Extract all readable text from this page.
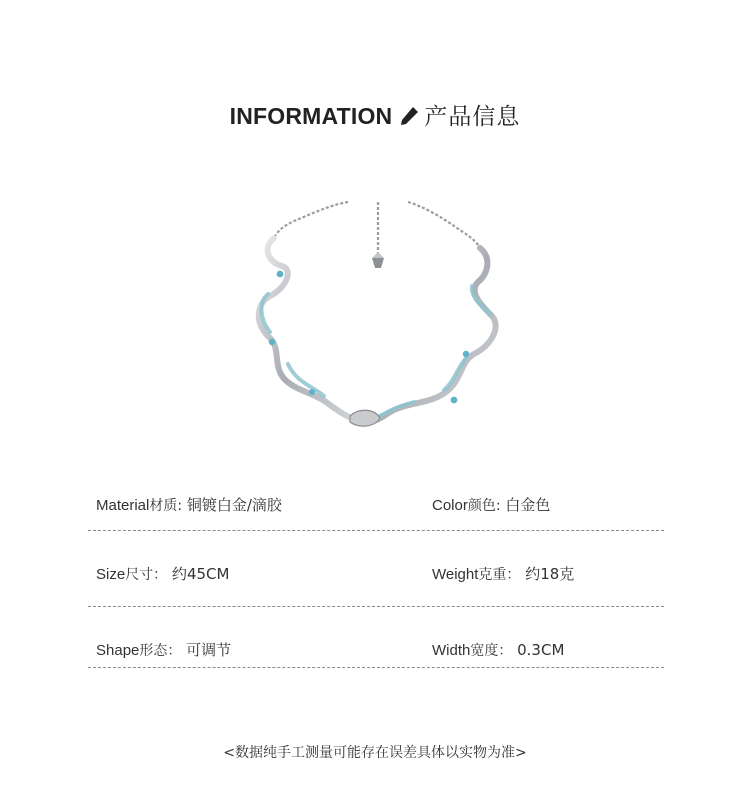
INFORMATION 产品信息
Material材质: 铜镀白金/滴胶	Color颜色: 白金色
Size尺寸： 约45CM	Weight克重： 约18克
Shape形态： 可调节	Width宽度： 0.3CM
<数据纯手工测量可能存在误差具体以实物为准>
